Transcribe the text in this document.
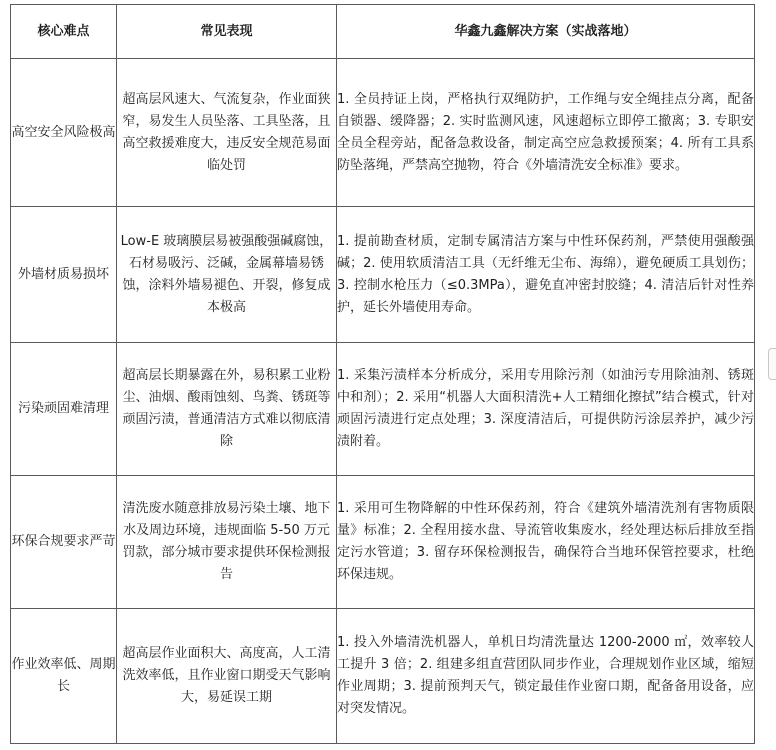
核心难点	常见表现	华鑫九鑫解决方案（实战落地）
高空安全风险极高	超高层风速大、气流复杂，作业面狭窄，易发生人员坠落、工具坠落，且高空救援难度大，违反安全规范易面临处罚	1. 全员持证上岗，严格执行双绳防护，工作绳与安全绳挂点分离，配备自锁器、缓降器；2. 实时监测风速，风速超标立即停工撤离；3. 专职安全员全程旁站，配备急救设备，制定高空应急救援预案；4. 所有工具系防坠落绳，严禁高空抛物，符合《外墙清洗安全标准》要求。
外墙材质易损坏	Low-E 玻璃膜层易被强酸强碱腐蚀，石材易吸污、泛碱，金属幕墙易锈蚀，涂料外墙易褪色、开裂，修复成本极高	1. 提前勘查材质，定制专属清洁方案与中性环保药剂，严禁使用强酸强碱；2. 使用软质清洁工具（无纤维无尘布、海绵），避免硬质工具划伤；3. 控制水枪压力（≤0.3MPa），避免直冲密封胶缝；4. 清洁后针对性养护，延长外墙使用寿命。
污染顽固难清理	超高层长期暴露在外，易积累工业粉尘、油烟、酸雨蚀刻、鸟粪、锈斑等顽固污渍，普通清洁方式难以彻底清除	1. 采集污渍样本分析成分，采用专用除污剂（如油污专用除油剂、锈斑中和剂）；2. 采用“机器人大面积清洗+人工精细化擦拭”结合模式，针对顽固污渍进行定点处理；3. 深度清洁后，可提供防污涂层养护，减少污渍附着。
环保合规要求严苛	清洗废水随意排放易污染土壤、地下水及周边环境，违规面临 5-50 万元罚款，部分城市要求提供环保检测报告	1. 采用可生物降解的中性环保药剂，符合《建筑外墙清洗剂有害物质限量》标准；2. 全程用接水盘、导流管收集废水，经处理达标后排放至指定污水管道；3. 留存环保检测报告，确保符合当地环保管控要求，杜绝环保违规。
作业效率低、周期长	超高层作业面积大、高度高，人工清洗效率低，且作业窗口期受天气影响大，易延误工期	1. 投入外墙清洗机器人，单机日均清洗量达 1200-2000 ㎡，效率较人工提升 3 倍；2. 组建多组直营团队同步作业，合理规划作业区域，缩短作业周期；3. 提前预判天气，锁定最佳作业窗口期，配备备用设备，应对突发情况。
